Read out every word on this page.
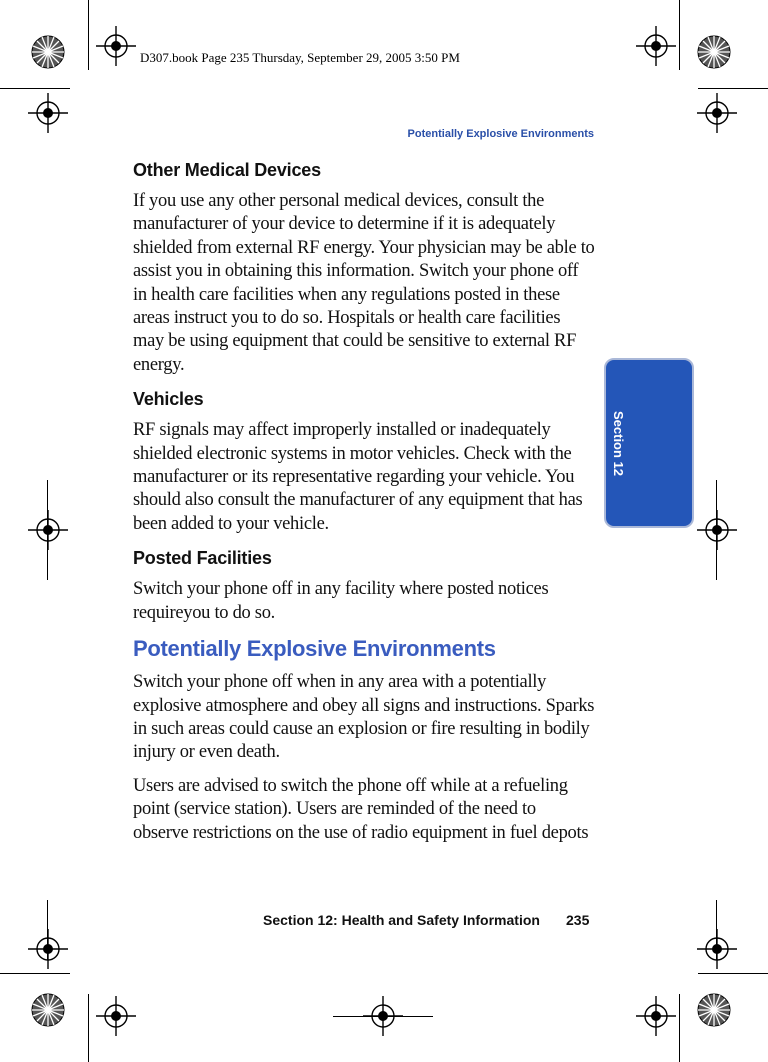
D307.book Page 235 Thursday, September 29, 2005 3:50 PM
Potentially Explosive Environments
Section 12
Other Medical Devices

If you use any other personal medical devices, consult the manufacturer of your device to determine if it is adequately shielded from external RF energy. Your physician may be able to assist you in obtaining this information. Switch your phone off in health care facilities when any regulations posted in these areas instruct you to do so. Hospitals or health care facilities may be using equipment that could be sensitive to external RF energy.

Vehicles

RF signals may affect improperly installed or inadequately shielded electronic systems in motor vehicles. Check with the manufacturer or its representative regarding your vehicle. You should also consult the manufacturer of any equipment that has been added to your vehicle.

Posted Facilities

Switch your phone off in any facility where posted notices requireyou to do so.

Potentially Explosive Environments

Switch your phone off when in any area with a potentially explosive atmosphere and obey all signs and instructions. Sparks in such areas could cause an explosion or fire resulting in bodily injury or even death.

Users are advised to switch the phone off while at a refueling point (service station). Users are reminded of the need to observe restrictions on the use of radio equipment in fuel depots

Section 12: Health and Safety Information 235
